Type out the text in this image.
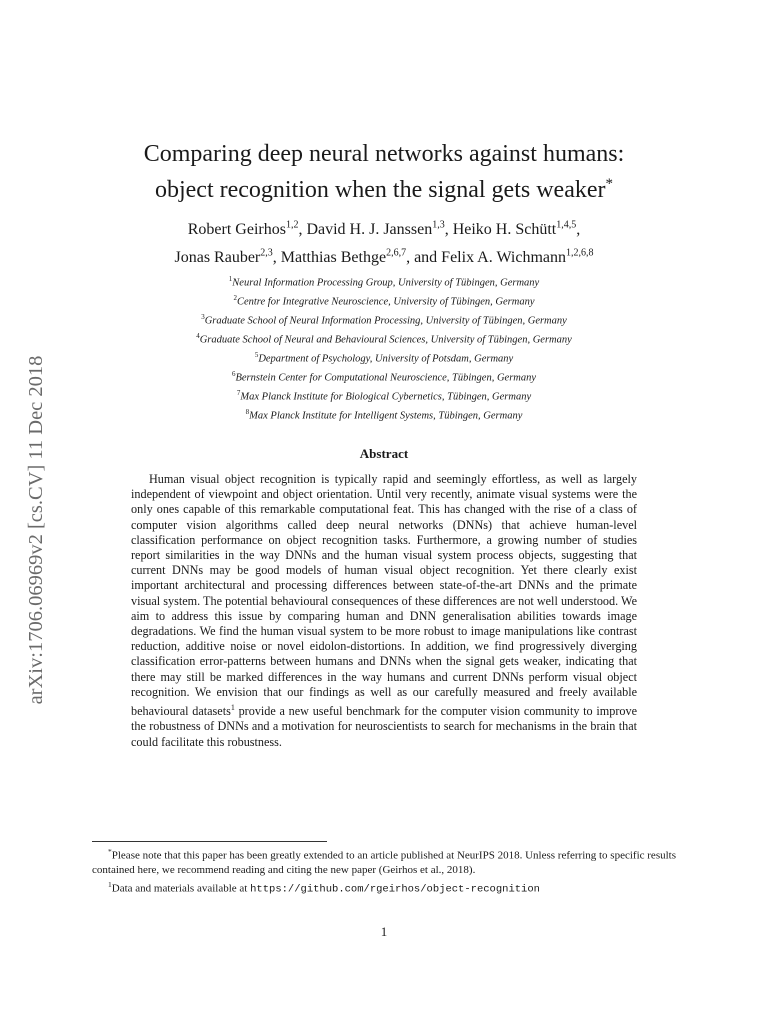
arXiv:1706.06969v2 [cs.CV] 11 Dec 2018
Comparing deep neural networks against humans:
object recognition when the signal gets weaker*
Robert Geirhos$^{1,2}$, David H. J. Janssen$^{1,3}$, Heiko H. Schütt$^{1,4,5}$,
Jonas Rauber$^{2,3}$, Matthias Bethge$^{2,6,7}$, and Felix A. Wichmann$^{1,2,6,8}$
$^1$Neural Information Processing Group, University of Tübingen, Germany
$^2$Centre for Integrative Neuroscience, University of Tübingen, Germany
$^3$Graduate School of Neural Information Processing, University of Tübingen, Germany
$^4$Graduate School of Neural and Behavioural Sciences, University of Tübingen, Germany
$^5$Department of Psychology, University of Potsdam, Germany
$^6$Bernstein Center for Computational Neuroscience, Tübingen, Germany
$^7$Max Planck Institute for Biological Cybernetics, Tübingen, Germany
$^8$Max Planck Institute for Intelligent Systems, Tübingen, Germany
Abstract

Human visual object recognition is typically rapid and seemingly effortless, as well as largely independent of viewpoint and object orientation. Until very recently, animate visual systems were the only ones capable of this remarkable computational feat. This has changed with the rise of a class of computer vision algorithms called deep neural networks (DNNs) that achieve human-level classification performance on object recognition tasks. Furthermore, a growing number of studies report similarities in the way DNNs and the human visual system process objects, suggesting that current DNNs may be good models of human visual object recognition. Yet there clearly exist important architectural and processing differences between state-of-the-art DNNs and the primate visual system. The potential behavioural consequences of these differences are not well understood. We aim to address this issue by comparing human and DNN generalisation abilities towards image degradations. We find the human visual system to be more robust to image manipulations like contrast reduction, additive noise or novel eidolon-distortions. In addition, we find progressively diverging classification error-patterns between humans and DNNs when the signal gets weaker, indicating that there may still be marked differences in the way humans and current DNNs perform visual object recognition. We envision that our findings as well as our carefully measured and freely available behavioural datasets$^1$ provide a new useful benchmark for the computer vision community to improve the robustness of DNNs and a motivation for neuroscientists to search for mechanisms in the brain that could facilitate this robustness.

*Please note that this paper has been greatly extended to an article published at NeurIPS 2018. Unless referring to specific results contained here, we recommend reading and citing the new paper (Geirhos et al., 2018).

$^1$Data and materials available at https://github.com/rgeirhos/object-recognition

1
